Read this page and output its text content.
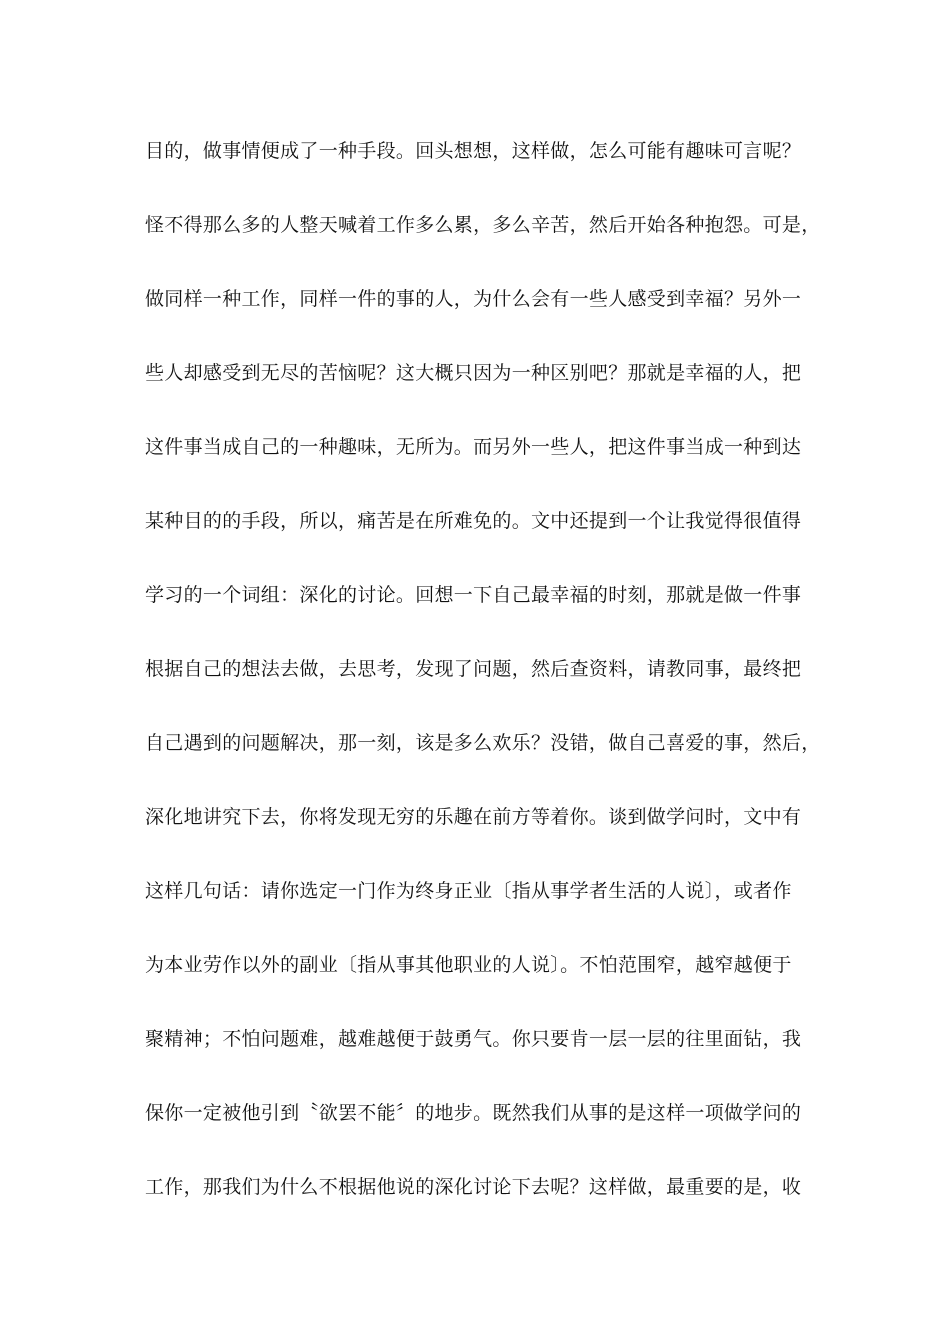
目的，做事情便成了一种手段。回头想想，这样做，怎么可能有趣味可言呢？
怪不得那么多的人整天喊着工作多么累，多么辛苦，然后开始各种抱怨。可是，
做同样一种工作，同样一件的事的人，为什么会有一些人感受到幸福？另外一
些人却感受到无尽的苦恼呢？这大概只因为一种区别吧？那就是幸福的人，把
这件事当成自己的一种趣味，无所为。而另外一些人，把这件事当成一种到达
某种目的的手段，所以，痛苦是在所难免的。文中还提到一个让我觉得很值得
学习的一个词组：深化的讨论。回想一下自己最幸福的时刻，那就是做一件事
根据自己的想法去做，去思考，发现了问题，然后查资料，请教同事，最终把
自己遇到的问题解决，那一刻，该是多么欢乐？没错，做自己喜爱的事，然后，
深化地讲究下去，你将发现无穷的乐趣在前方等着你。谈到做学问时，文中有
这样几句话：请你选定一门作为终身正业〔指从事学者生活的人说〕，或者作
为本业劳作以外的副业〔指从事其他职业的人说〕。不怕范围窄，越窄越便于
聚精神；不怕问题难，越难越便于鼓勇气。你只要肯一层一层的往里面钻，我
保你一定被他引到〝欲罢不能〞的地步。既然我们从事的是这样一项做学问的
工作，那我们为什么不根据他说的深化讨论下去呢？这样做，最重要的是，收
